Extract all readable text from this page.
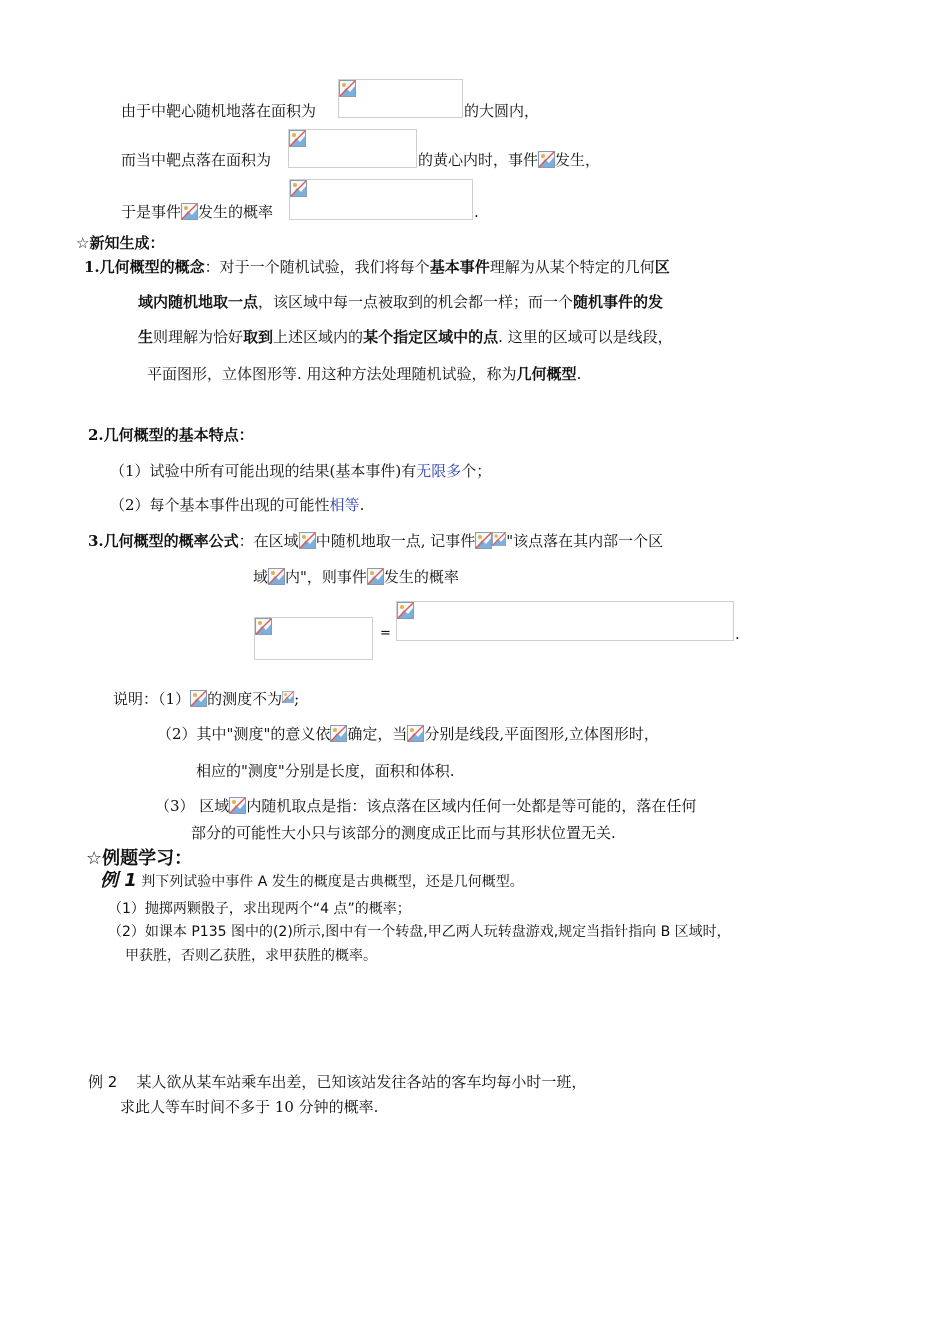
由于中靶心随机地落在面积为	的大圆内，
而当中靶点落在面积为	的黄心内时，事件 发生，
于是事件 发生的概率	.
☆新知生成：
1.几何概型的概念：对于一个随机试验，我们将每个基本事件理解为从某个特定的几何区
域内随机地取一点，该区域中每一点被取到的机会都一样；而一个随机事件的发
生则理解为恰好取到上述区域内的某个指定区域中的点. 这里的区域可以是线段，
平面图形，立体图形等. 用这种方法处理随机试验，称为几何概型.
2.几何概型的基本特点：
（1）试验中所有可能出现的结果(基本事件)有无限多个；
（2）每个基本事件出现的可能性相等.
3.几何概型的概率公式：在区域 中随机地取一点, 记事件 "该点落在其内部一个区
域 内"，则事件 发生的概率
=	.
说明：（1） 的测度不为 ;
（2）其中"测度"的意义依 确定，当 分别是线段,平面图形,立体图形时，
相应的"测度"分别是长度，面积和体积.
（3） 区域 内随机取点是指：该点落在区域内任何一处都是等可能的，落在任何
部分的可能性大小只与该部分的测度成正比而与其形状位置无关.
☆例题学习：
例 1 判下列试验中事件 A 发生的概度是古典概型，还是几何概型。
（1）抛掷两颗骰子，求出现两个“4 点”的概率；
（2）如课本 P135 图中的(2)所示,图中有一个转盘,甲乙两人玩转盘游戏,规定当指针指向 B 区域时，
甲获胜，否则乙获胜，求甲获胜的概率。
例 2 某人欲从某车站乘车出差，已知该站发往各站的客车均每小时一班，
求此人等车时间不多于 10 分钟的概率.
